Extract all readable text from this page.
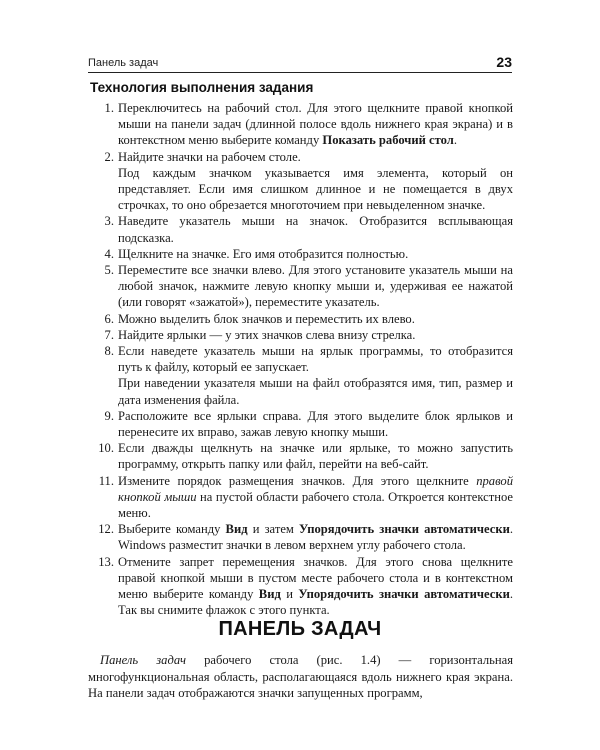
Панель задач	23
Технология выполнения задания
1. Переключитесь на рабочий стол. Для этого щелкните правой кнопкой мыши на панели задач (длинной полосе вдоль нижнего края экрана) и в контекстном меню выберите команду Показать рабочий стол.
2. Найдите значки на рабочем столе.
Под каждым значком указывается имя элемента, который он представляет. Если имя слишком длинное и не помещается в двух строчках, то оно обрезается многоточием при невыделенном значке.
3. Наведите указатель мыши на значок. Отобразится всплывающая подсказка.
4. Щелкните на значке. Его имя отобразится полностью.
5. Переместите все значки влево. Для этого установите указатель мыши на любой значок, нажмите левую кнопку мыши и, удерживая ее нажатой (или говорят «зажатой»), переместите указатель.
6. Можно выделить блок значков и переместить их влево.
7. Найдите ярлыки — у этих значков слева внизу стрелка.
8. Если наведете указатель мыши на ярлык программы, то отобразится путь к файлу, который ее запускает.
При наведении указателя мыши на файл отобразятся имя, тип, размер и дата изменения файла.
9. Расположите все ярлыки справа. Для этого выделите блок ярлыков и перенесите их вправо, зажав левую кнопку мыши.
10. Если дважды щелкнуть на значке или ярлыке, то можно запустить программу, открыть папку или файл, перейти на веб-сайт.
11. Измените порядок размещения значков. Для этого щелкните правой кнопкой мыши на пустой области рабочего стола. Откроется контекстное меню.
12. Выберите команду Вид и затем Упорядочить значки автоматически. Windows разместит значки в левом верхнем углу рабочего стола.
13. Отмените запрет перемещения значков. Для этого снова щелкните правой кнопкой мыши в пустом месте рабочего стола и в контекстном меню выберите команду Вид и Упорядочить значки автоматически. Так вы снимите флажок с этого пункта.
ПАНЕЛЬ ЗАДАЧ

Панель задач рабочего стола (рис. 1.4) — горизонтальная многофункциональная область, располагающаяся вдоль нижнего края экрана. На панели задач отображаются значки запущенных программ,
